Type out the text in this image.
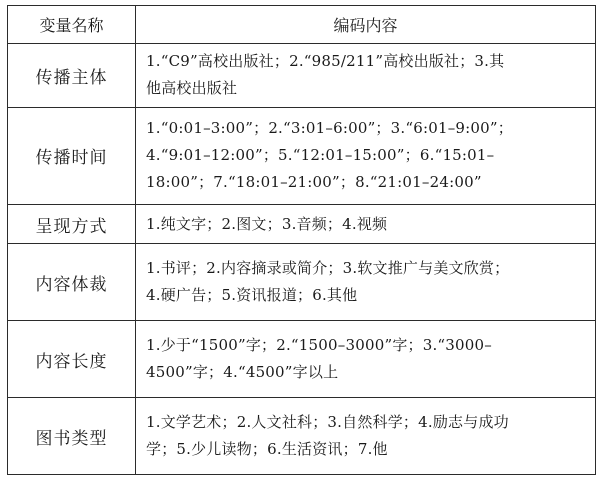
变量名称	编码内容
传播主体	1.“C9”高校出版社；2.“985/211”高校出版社；3.其
他高校出版社
传播时间	1.“0:01–3:00”；2.“3:01–6:00”；3.“6:01–9:00”；
4.“9:01–12:00”；5.“12:01–15:00”；6.“15:01–
18:00”；7.“18:01–21:00”；8.“21:01–24:00”
呈现方式	1.纯文字；2.图文；3.音频；4.视频
内容体裁	1.书评；2.内容摘录或简介；3.软文推广与美文欣赏；
4.硬广告；5.资讯报道；6.其他
内容长度	1.少于“1500”字；2.“1500–3000”字；3.“3000–
4500”字；4.“4500”字以上
图书类型	1.文学艺术；2.人文社科；3.自然科学；4.励志与成功
学；5.少儿读物；6.生活资讯；7.他
